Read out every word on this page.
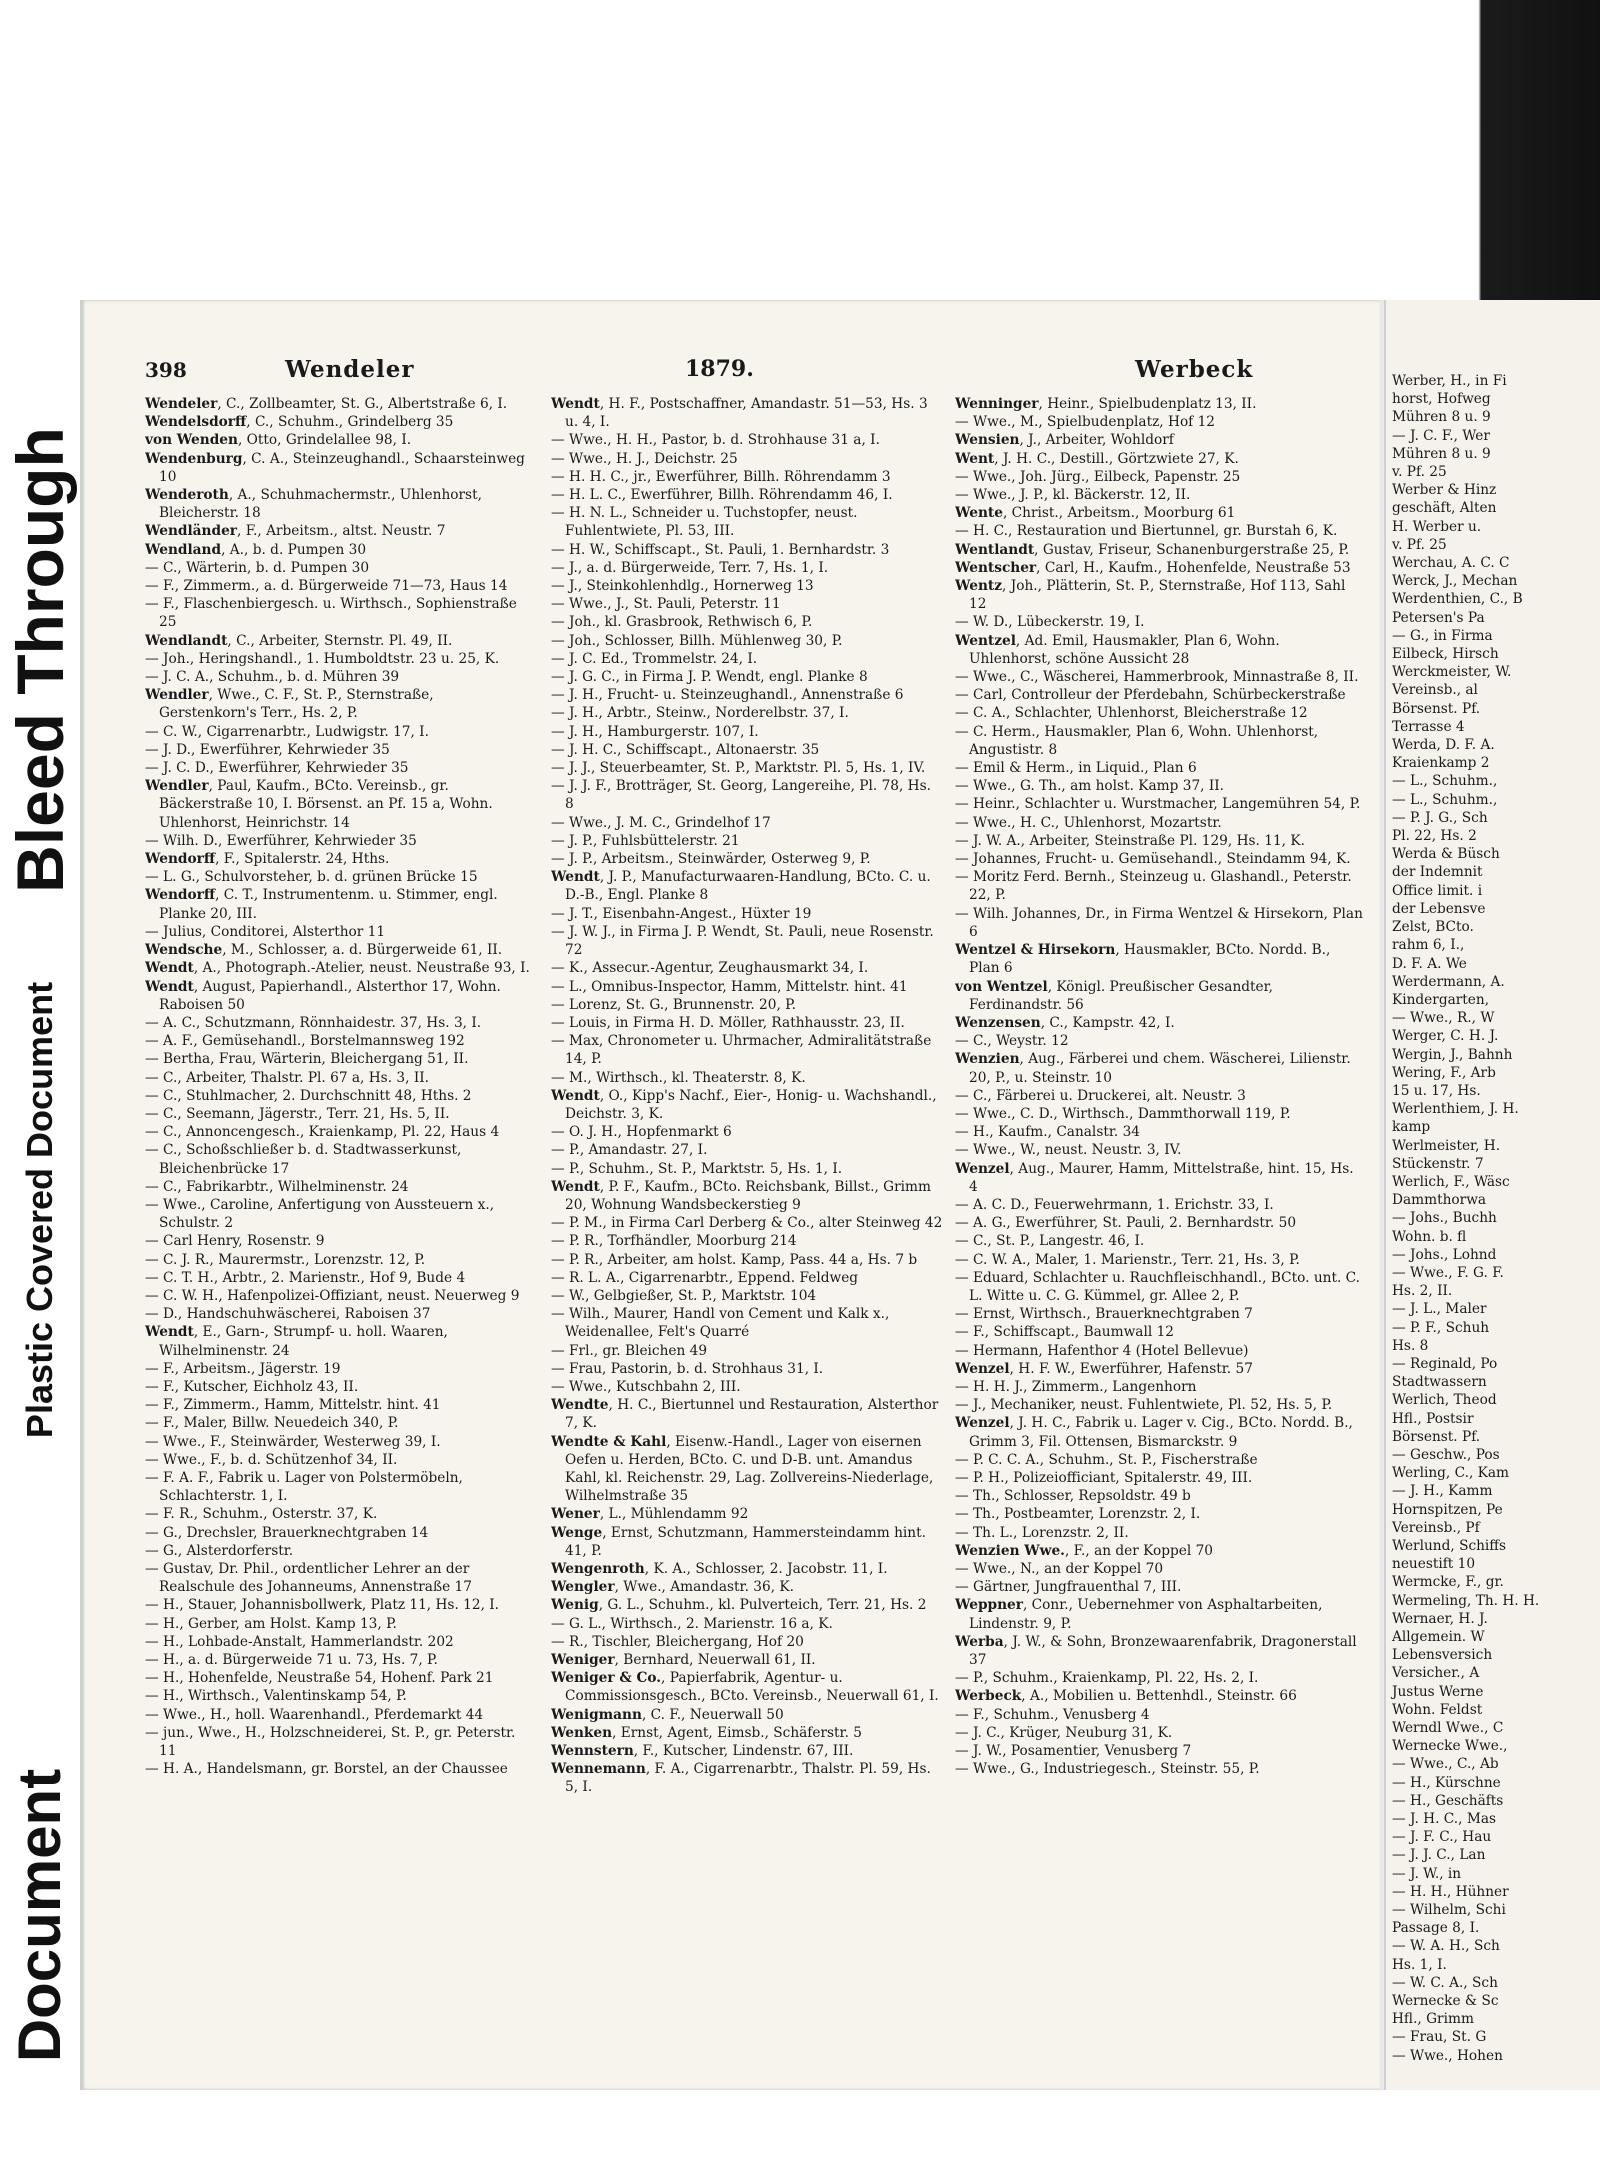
Bleed Through
Plastic Covered Document
Document
398	Wendeler	1879.	Werbeck

Wendeler, C., Zollbeamter, St. G., Albertstraße 6, I.

Wendelsdorff, C., Schuhm., Grindelberg 35

von Wenden, Otto, Grindelallee 98, I.

Wendenburg, C. A., Steinzeughandl., Schaarsteinweg 10

Wenderoth, A., Schuhmachermstr., Uhlenhorst, Bleicherstr. 18

Wendländer, F., Arbeitsm., altst. Neustr. 7

Wendland, A., b. d. Pumpen 30

— C., Wärterin, b. d. Pumpen 30

— F., Zimmerm., a. d. Bürgerweide 71—73, Haus 14

— F., Flaschenbiergesch. u. Wirthsch., Sophienstraße 25

Wendlandt, C., Arbeiter, Sternstr. Pl. 49, II.

— Joh., Heringshandl., 1. Humboldtstr. 23 u. 25, K.

— J. C. A., Schuhm., b. d. Mühren 39

Wendler, Wwe., C. F., St. P., Sternstraße, Gerstenkorn's Terr., Hs. 2, P.

— C. W., Cigarrenarbtr., Ludwigstr. 17, I.

— J. D., Ewerführer, Kehrwieder 35

— J. C. D., Ewerführer, Kehrwieder 35

Wendler, Paul, Kaufm., BCto. Vereinsb., gr. Bäckerstraße 10, I. Börsenst. an Pf. 15 a, Wohn. Uhlenhorst, Heinrichstr. 14

— Wilh. D., Ewerführer, Kehrwieder 35

Wendorff, F., Spitalerstr. 24, Hths.

— L. G., Schulvorsteher, b. d. grünen Brücke 15

Wendorff, C. T., Instrumentenm. u. Stimmer, engl. Planke 20, III.

— Julius, Conditorei, Alsterthor 11

Wendsche, M., Schlosser, a. d. Bürgerweide 61, II.

Wendt, A., Photograph.-Atelier, neust. Neustraße 93, I.

Wendt, August, Papierhandl., Alsterthor 17, Wohn. Raboisen 50

— A. C., Schutzmann, Rönnhaidestr. 37, Hs. 3, I.

— A. F., Gemüsehandl., Borstelmannsweg 192

— Bertha, Frau, Wärterin, Bleichergang 51, II.

— C., Arbeiter, Thalstr. Pl. 67 a, Hs. 3, II.

— C., Stuhlmacher, 2. Durchschnitt 48, Hths. 2

— C., Seemann, Jägerstr., Terr. 21, Hs. 5, II.

— C., Annoncengesch., Kraienkamp, Pl. 22, Haus 4

— C., Schoßschließer b. d. Stadtwasserkunst, Bleichenbrücke 17

— C., Fabrikarbtr., Wilhelminenstr. 24

— Wwe., Caroline, Anfertigung von Aussteuern x., Schulstr. 2

— Carl Henry, Rosenstr. 9

— C. J. R., Maurermstr., Lorenzstr. 12, P.

— C. T. H., Arbtr., 2. Marienstr., Hof 9, Bude 4

— C. W. H., Hafenpolizei-Offiziant, neust. Neuerweg 9

— D., Handschuhwäscherei, Raboisen 37

Wendt, E., Garn-, Strumpf- u. holl. Waaren, Wilhelminenstr. 24

— F., Arbeitsm., Jägerstr. 19

— F., Kutscher, Eichholz 43, II.

— F., Zimmerm., Hamm, Mittelstr. hint. 41

— F., Maler, Billw. Neuedeich 340, P.

— Wwe., F., Steinwärder, Westerweg 39, I.

— Wwe., F., b. d. Schützenhof 34, II.

— F. A. F., Fabrik u. Lager von Polstermöbeln, Schlachterstr. 1, I.

— F. R., Schuhm., Osterstr. 37, K.

— G., Drechsler, Brauerknechtgraben 14

— G., Alsterdorferstr.

— Gustav, Dr. Phil., ordentlicher Lehrer an der Realschule des Johanneums, Annenstraße 17

— H., Stauer, Johannisbollwerk, Platz 11, Hs. 12, I.

— H., Gerber, am Holst. Kamp 13, P.

— H., Lohbade-Anstalt, Hammerlandstr. 202

— H., a. d. Bürgerweide 71 u. 73, Hs. 7, P.

— H., Hohenfelde, Neustraße 54, Hohenf. Park 21

— H., Wirthsch., Valentinskamp 54, P.

— Wwe., H., holl. Waarenhandl., Pferdemarkt 44

— jun., Wwe., H., Holzschneiderei, St. P., gr. Peterstr. 11

— H. A., Handelsmann, gr. Borstel, an der Chaussee

Wendt, H. F., Postschaffner, Amandastr. 51—53, Hs. 3 u. 4, I.

— Wwe., H. H., Pastor, b. d. Strohhause 31 a, I.

— Wwe., H. J., Deichstr. 25

— H. H. C., jr., Ewerführer, Billh. Röhrendamm 3

— H. L. C., Ewerführer, Billh. Röhrendamm 46, I.

— H. N. L., Schneider u. Tuchstopfer, neust. Fuhlentwiete, Pl. 53, III.

— H. W., Schiffscapt., St. Pauli, 1. Bernhardstr. 3

— J., a. d. Bürgerweide, Terr. 7, Hs. 1, I.

— J., Steinkohlenhdlg., Hornerweg 13

— Wwe., J., St. Pauli, Peterstr. 11

— Joh., kl. Grasbrook, Rethwisch 6, P.

— Joh., Schlosser, Billh. Mühlenweg 30, P.

— J. C. Ed., Trommelstr. 24, I.

— J. G. C., in Firma J. P. Wendt, engl. Planke 8

— J. H., Frucht- u. Steinzeughandl., Annenstraße 6

— J. H., Arbtr., Steinw., Norderelbstr. 37, I.

— J. H., Hamburgerstr. 107, I.

— J. H. C., Schiffscapt., Altonaerstr. 35

— J. J., Steuerbeamter, St. P., Marktstr. Pl. 5, Hs. 1, IV.

— J. J. F., Brotträger, St. Georg, Langereihe, Pl. 78, Hs. 8

— Wwe., J. M. C., Grindelhof 17

— J. P., Fuhlsbüttelerstr. 21

— J. P., Arbeitsm., Steinwärder, Osterweg 9, P.

Wendt, J. P., Manufacturwaaren-Handlung, BCto. C. u. D.-B., Engl. Planke 8

— J. T., Eisenbahn-Angest., Hüxter 19

— J. W. J., in Firma J. P. Wendt, St. Pauli, neue Rosenstr. 72

— K., Assecur.-Agentur, Zeughausmarkt 34, I.

— L., Omnibus-Inspector, Hamm, Mittelstr. hint. 41

— Lorenz, St. G., Brunnenstr. 20, P.

— Louis, in Firma H. D. Möller, Rathhausstr. 23, II.

— Max, Chronometer u. Uhrmacher, Admiralitätstraße 14, P.

— M., Wirthsch., kl. Theaterstr. 8, K.

Wendt, O., Kipp's Nachf., Eier-, Honig- u. Wachshandl., Deichstr. 3, K.

— O. J. H., Hopfenmarkt 6

— P., Amandastr. 27, I.

— P., Schuhm., St. P., Marktstr. 5, Hs. 1, I.

Wendt, P. F., Kaufm., BCto. Reichsbank, Billst., Grimm 20, Wohnung Wandsbeckerstieg 9

— P. M., in Firma Carl Derberg & Co., alter Steinweg 42

— P. R., Torfhändler, Moorburg 214

— P. R., Arbeiter, am holst. Kamp, Pass. 44 a, Hs. 7 b

— R. L. A., Cigarrenarbtr., Eppend. Feldweg

— W., Gelbgießer, St. P., Marktstr. 104

— Wilh., Maurer, Handl von Cement und Kalk x., Weidenallee, Felt's Quarré

— Frl., gr. Bleichen 49

— Frau, Pastorin, b. d. Strohhaus 31, I.

— Wwe., Kutschbahn 2, III.

Wendte, H. C., Biertunnel und Restauration, Alsterthor 7, K.

Wendte & Kahl, Eisenw.-Handl., Lager von eisernen Oefen u. Herden, BCto. C. und D-B. unt. Amandus Kahl, kl. Reichenstr. 29, Lag. Zollvereins-Niederlage, Wilhelmstraße 35

Wener, L., Mühlendamm 92

Wenge, Ernst, Schutzmann, Hammersteindamm hint. 41, P.

Wengenroth, K. A., Schlosser, 2. Jacobstr. 11, I.

Wengler, Wwe., Amandastr. 36, K.

Wenig, G. L., Schuhm., kl. Pulverteich, Terr. 21, Hs. 2

— G. L., Wirthsch., 2. Marienstr. 16 a, K.

— R., Tischler, Bleichergang, Hof 20

Weniger, Bernhard, Neuerwall 61, II.

Weniger & Co., Papierfabrik, Agentur- u. Commissionsgesch., BCto. Vereinsb., Neuerwall 61, I.

Wenigmann, C. F., Neuerwall 50

Wenken, Ernst, Agent, Eimsb., Schäferstr. 5

Wennstern, F., Kutscher, Lindenstr. 67, III.

Wennemann, F. A., Cigarrenarbtr., Thalstr. Pl. 59, Hs. 5, I.

Wenninger, Heinr., Spielbudenplatz 13, II.

— Wwe., M., Spielbudenplatz, Hof 12

Wensien, J., Arbeiter, Wohldorf

Went, J. H. C., Destill., Görtzwiete 27, K.

— Wwe., Joh. Jürg., Eilbeck, Papenstr. 25

— Wwe., J. P., kl. Bäckerstr. 12, II.

Wente, Christ., Arbeitsm., Moorburg 61

— H. C., Restauration und Biertunnel, gr. Burstah 6, K.

Wentlandt, Gustav, Friseur, Schanenburgerstraße 25, P.

Wentscher, Carl, H., Kaufm., Hohenfelde, Neustraße 53

Wentz, Joh., Plätterin, St. P., Sternstraße, Hof 113, Sahl 12

— W. D., Lübeckerstr. 19, I.

Wentzel, Ad. Emil, Hausmakler, Plan 6, Wohn. Uhlenhorst, schöne Aussicht 28

— Wwe., C., Wäscherei, Hammerbrook, Minnastraße 8, II.

— Carl, Controlleur der Pferdebahn, Schürbeckerstraße

— C. A., Schlachter, Uhlenhorst, Bleicherstraße 12

— C. Herm., Hausmakler, Plan 6, Wohn. Uhlenhorst, Angustistr. 8

— Emil & Herm., in Liquid., Plan 6

— Wwe., G. Th., am holst. Kamp 37, II.

— Heinr., Schlachter u. Wurstmacher, Langemühren 54, P.

— Wwe., H. C., Uhlenhorst, Mozartstr.

— J. W. A., Arbeiter, Steinstraße Pl. 129, Hs. 11, K.

— Johannes, Frucht- u. Gemüsehandl., Steindamm 94, K.

— Moritz Ferd. Bernh., Steinzeug u. Glashandl., Peterstr. 22, P.

— Wilh. Johannes, Dr., in Firma Wentzel & Hirsekorn, Plan 6

Wentzel & Hirsekorn, Hausmakler, BCto. Nordd. B., Plan 6

von Wentzel, Königl. Preußischer Gesandter, Ferdinandstr. 56

Wenzensen, C., Kampstr. 42, I.

— C., Weystr. 12

Wenzien, Aug., Färberei und chem. Wäscherei, Lilienstr. 20, P., u. Steinstr. 10

— C., Färberei u. Druckerei, alt. Neustr. 3

— Wwe., C. D., Wirthsch., Dammthorwall 119, P.

— H., Kaufm., Canalstr. 34

— Wwe., W., neust. Neustr. 3, IV.

Wenzel, Aug., Maurer, Hamm, Mittelstraße, hint. 15, Hs. 4

— A. C. D., Feuerwehrmann, 1. Erichstr. 33, I.

— A. G., Ewerführer, St. Pauli, 2. Bernhardstr. 50

— C., St. P., Langestr. 46, I.

— C. W. A., Maler, 1. Marienstr., Terr. 21, Hs. 3, P.

— Eduard, Schlachter u. Rauchfleischhandl., BCto. unt. C. L. Witte u. C. G. Kümmel, gr. Allee 2, P.

— Ernst, Wirthsch., Brauerknechtgraben 7

— F., Schiffscapt., Baumwall 12

— Hermann, Hafenthor 4 (Hotel Bellevue)

Wenzel, H. F. W., Ewerführer, Hafenstr. 57

— H. H. J., Zimmerm., Langenhorn

— J., Mechaniker, neust. Fuhlentwiete, Pl. 52, Hs. 5, P.

Wenzel, J. H. C., Fabrik u. Lager v. Cig., BCto. Nordd. B., Grimm 3, Fil. Ottensen, Bismarckstr. 9

— P. C. C. A., Schuhm., St. P., Fischerstraße

— P. H., Polizeiofficiant, Spitalerstr. 49, III.

— Th., Schlosser, Repsoldstr. 49 b

— Th., Postbeamter, Lorenzstr. 2, I.

— Th. L., Lorenzstr. 2, II.

Wenzien Wwe., F., an der Koppel 70

— Wwe., N., an der Koppel 70

— Gärtner, Jungfrauenthal 7, III.

Weppner, Conr., Uebernehmer von Asphaltarbeiten, Lindenstr. 9, P.

Werba, J. W., & Sohn, Bronzewaarenfabrik, Dragonerstall 37

— P., Schuhm., Kraienkamp, Pl. 22, Hs. 2, I.

Werbeck, A., Mobilien u. Bettenhdl., Steinstr. 66

— F., Schuhm., Venusberg 4

— J. C., Krüger, Neuburg 31, K.

— J. W., Posamentier, Venusberg 7

— Wwe., G., Industriegesch., Steinstr. 55, P.

Werber, H., in Fi

horst, Hofweg

Mühren 8 u. 9

— J. C. F., Wer

Mühren 8 u. 9

v. Pf. 25

Werber & Hinz

geschäft, Alten

H. Werber u.

v. Pf. 25

Werchau, A. C. C

Werck, J., Mechan

Werdenthien, C., B

Petersen's Pa

— G., in Firma

Eilbeck, Hirsch

Werckmeister, W.

Vereinsb., al

Börsenst. Pf.

Terrasse 4

Werda, D. F. A.

Kraienkamp 2

— L., Schuhm.,

— L., Schuhm.,

— P. J. G., Sch

Pl. 22, Hs. 2

Werda & Büsch

der Indemnit

Office limit. i

der Lebensve

Zelst, BCto.

rahm 6, I.,

D. F. A. We

Werdermann, A.

Kindergarten,

— Wwe., R., W

Werger, C. H. J.

Wergin, J., Bahnh

Wering, F., Arb

15 u. 17, Hs.

Werlenthiem, J. H.

kamp

Werlmeister, H.

Stückenstr. 7

Werlich, F., Wäsc

Dammthorwa

— Johs., Buchh

Wohn. b. fl

— Johs., Lohnd

— Wwe., F. G. F.

Hs. 2, II.

— J. L., Maler

— P. F., Schuh

Hs. 8

— Reginald, Po

Stadtwassern

Werlich, Theod

Hfl., Postsir

Börsenst. Pf.

— Geschw., Pos

Werling, C., Kam

— J. H., Kamm

Hornspitzen, Pe

Vereinsb., Pf

Werlund, Schiffs

neuestift 10

Wermcke, F., gr.

Wermeling, Th. H. H.

Wernaer, H. J.

Allgemein. W

Lebensversich

Versicher., A

Justus Werne

Wohn. Feldst

Werndl Wwe., C

Wernecke Wwe.,

— Wwe., C., Ab

— H., Kürschne

— H., Geschäfts

— J. H. C., Mas

— J. F. C., Hau

— J. J. C., Lan

— J. W., in

— H. H., Hühner

— Wilhelm, Schi

Passage 8, I.

— W. A. H., Sch

Hs. 1, I.

— W. C. A., Sch

Wernecke & Sc

Hfl., Grimm

— Frau, St. G

— Wwe., Hohen
